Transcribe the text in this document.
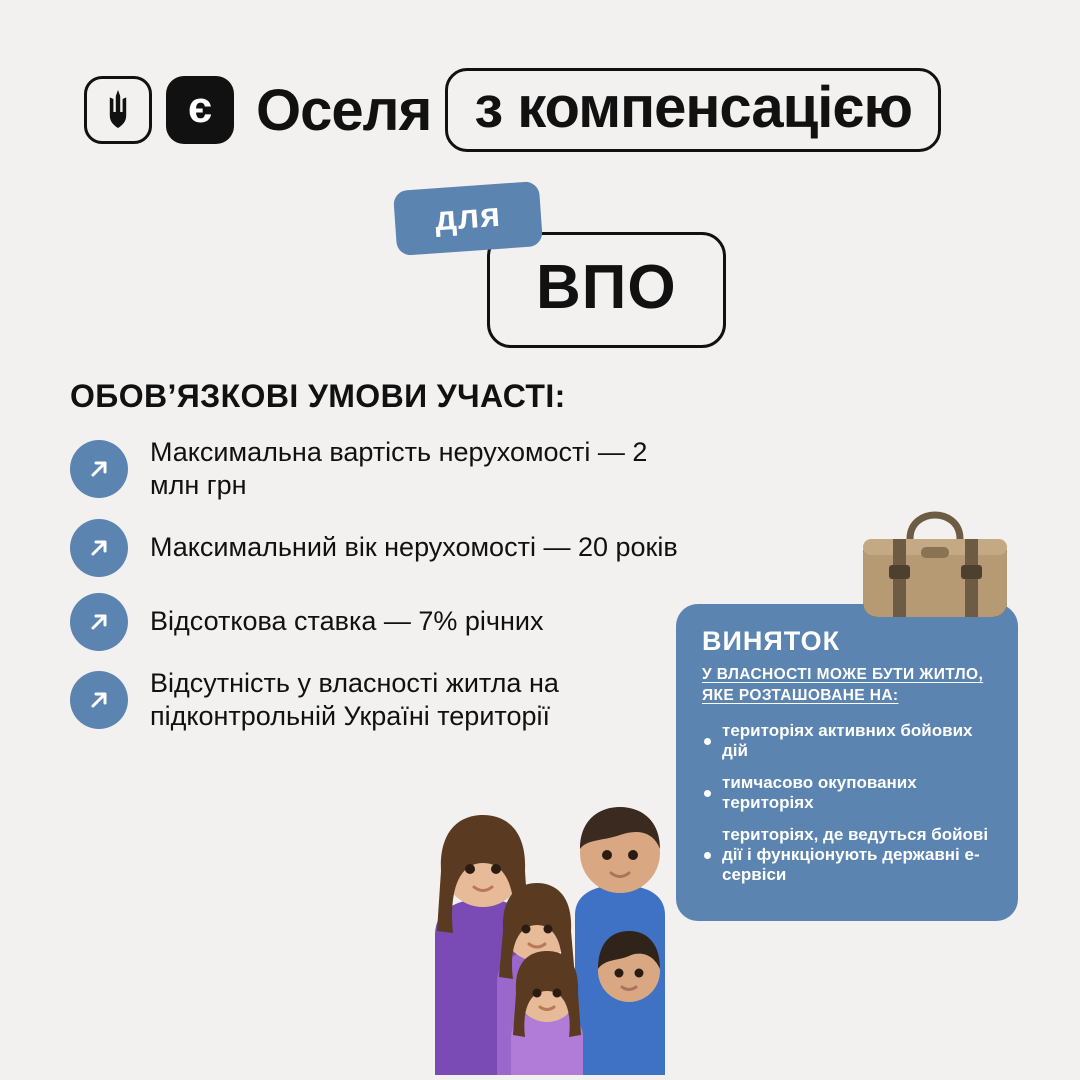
є Оселя з компенсацією
для
ВПО
ОБОВ’ЯЗКОВІ УМОВИ УЧАСТІ:
Максимальна вартість нерухомості — 2 млн грн
Максимальний вік нерухомості — 20 років
Відсоткова ставка — 7% річних
Відсутність у власності житла на підконтрольній Україні території
ВИНЯТОК
У ВЛАСНОСТІ МОЖЕ БУТИ ЖИТЛО, ЯКЕ РОЗТАШОВАНЕ НА:
територіях активних бойових дій
тимчасово окупованих територіях
територіях, де ведуться бойові дії і функціонують державні е-сервіси
